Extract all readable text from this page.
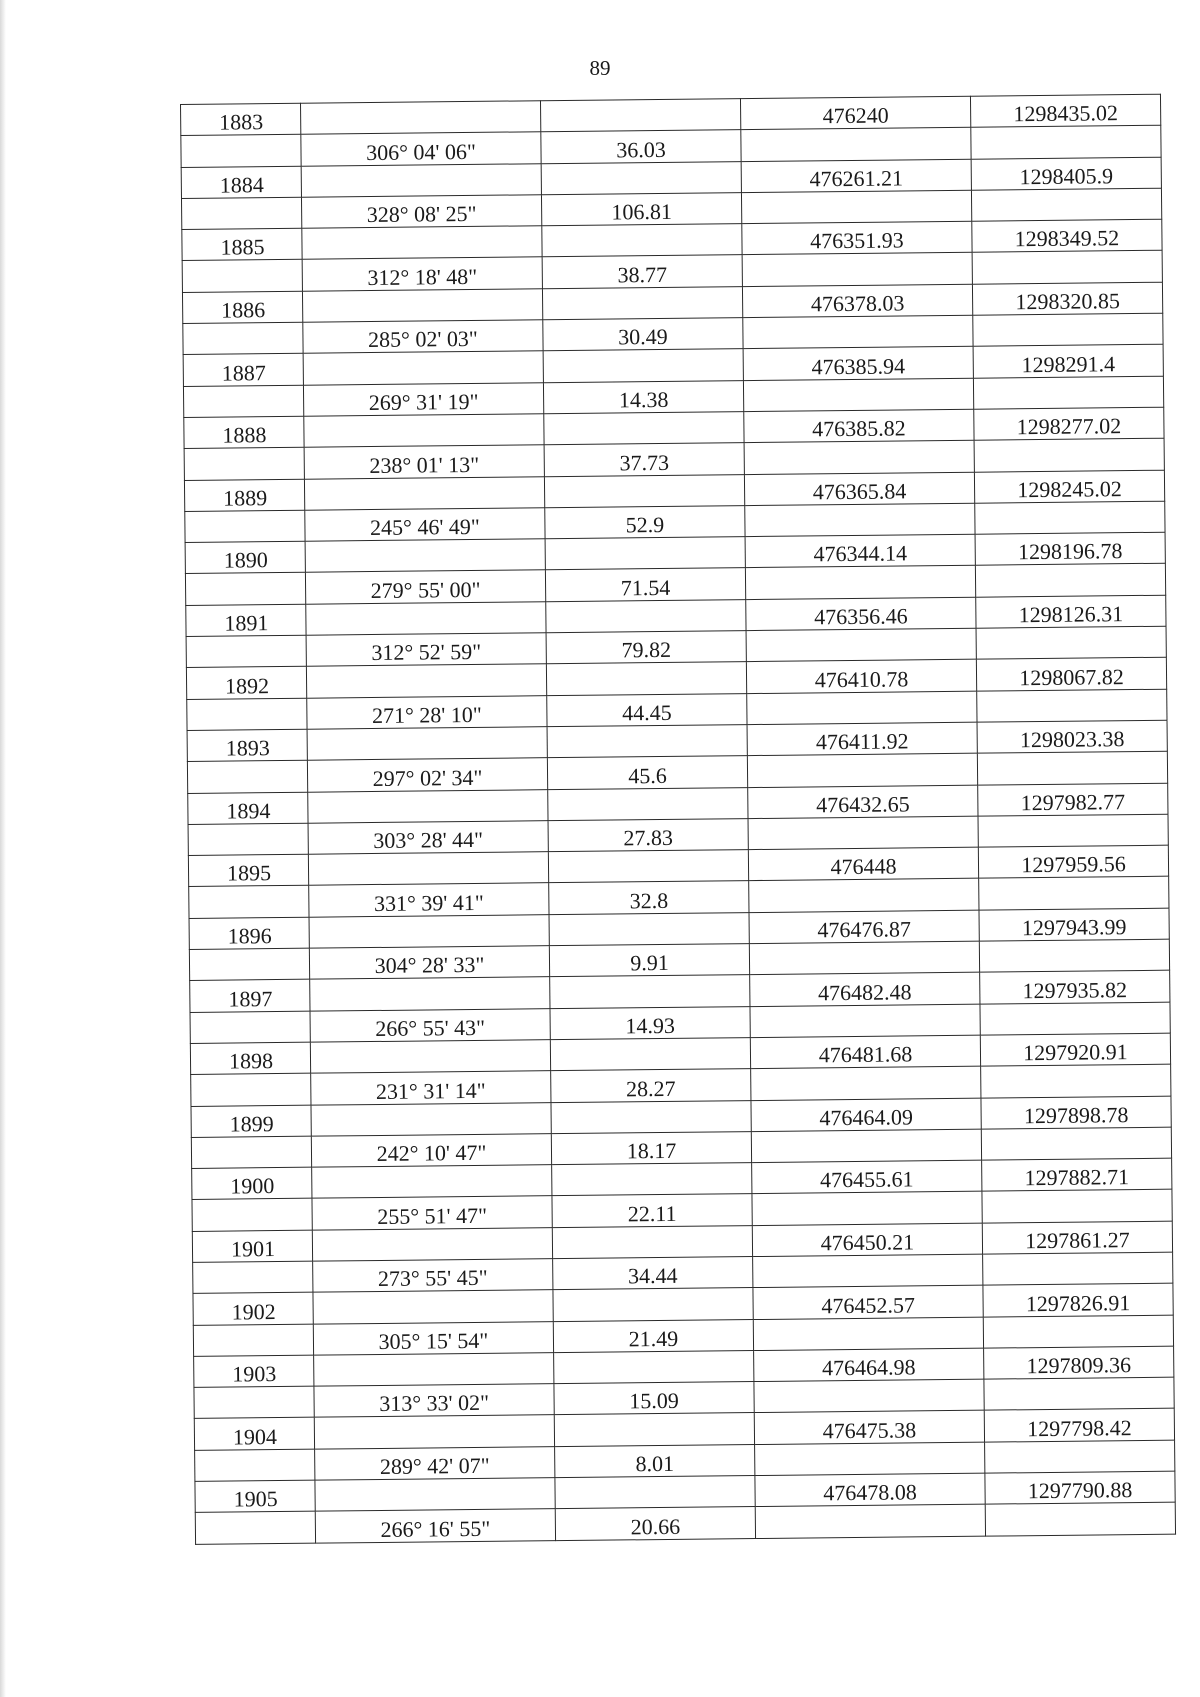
89
1883			476240	1298435.02
	306° 04' 06"	36.03		
1884			476261.21	1298405.9
	328° 08' 25"	106.81		
1885			476351.93	1298349.52
	312° 18' 48"	38.77		
1886			476378.03	1298320.85
	285° 02' 03"	30.49		
1887			476385.94	1298291.4
	269° 31' 19"	14.38		
1888			476385.82	1298277.02
	238° 01' 13"	37.73		
1889			476365.84	1298245.02
	245° 46' 49"	52.9		
1890			476344.14	1298196.78
	279° 55' 00"	71.54		
1891			476356.46	1298126.31
	312° 52' 59"	79.82		
1892			476410.78	1298067.82
	271° 28' 10"	44.45		
1893			476411.92	1298023.38
	297° 02' 34"	45.6		
1894			476432.65	1297982.77
	303° 28' 44"	27.83		
1895			476448	1297959.56
	331° 39' 41"	32.8		
1896			476476.87	1297943.99
	304° 28' 33"	9.91		
1897			476482.48	1297935.82
	266° 55' 43"	14.93		
1898			476481.68	1297920.91
	231° 31' 14"	28.27		
1899			476464.09	1297898.78
	242° 10' 47"	18.17		
1900			476455.61	1297882.71
	255° 51' 47"	22.11		
1901			476450.21	1297861.27
	273° 55' 45"	34.44		
1902			476452.57	1297826.91
	305° 15' 54"	21.49		
1903			476464.98	1297809.36
	313° 33' 02"	15.09		
1904			476475.38	1297798.42
	289° 42' 07"	8.01		
1905			476478.08	1297790.88
	266° 16' 55"	20.66		
